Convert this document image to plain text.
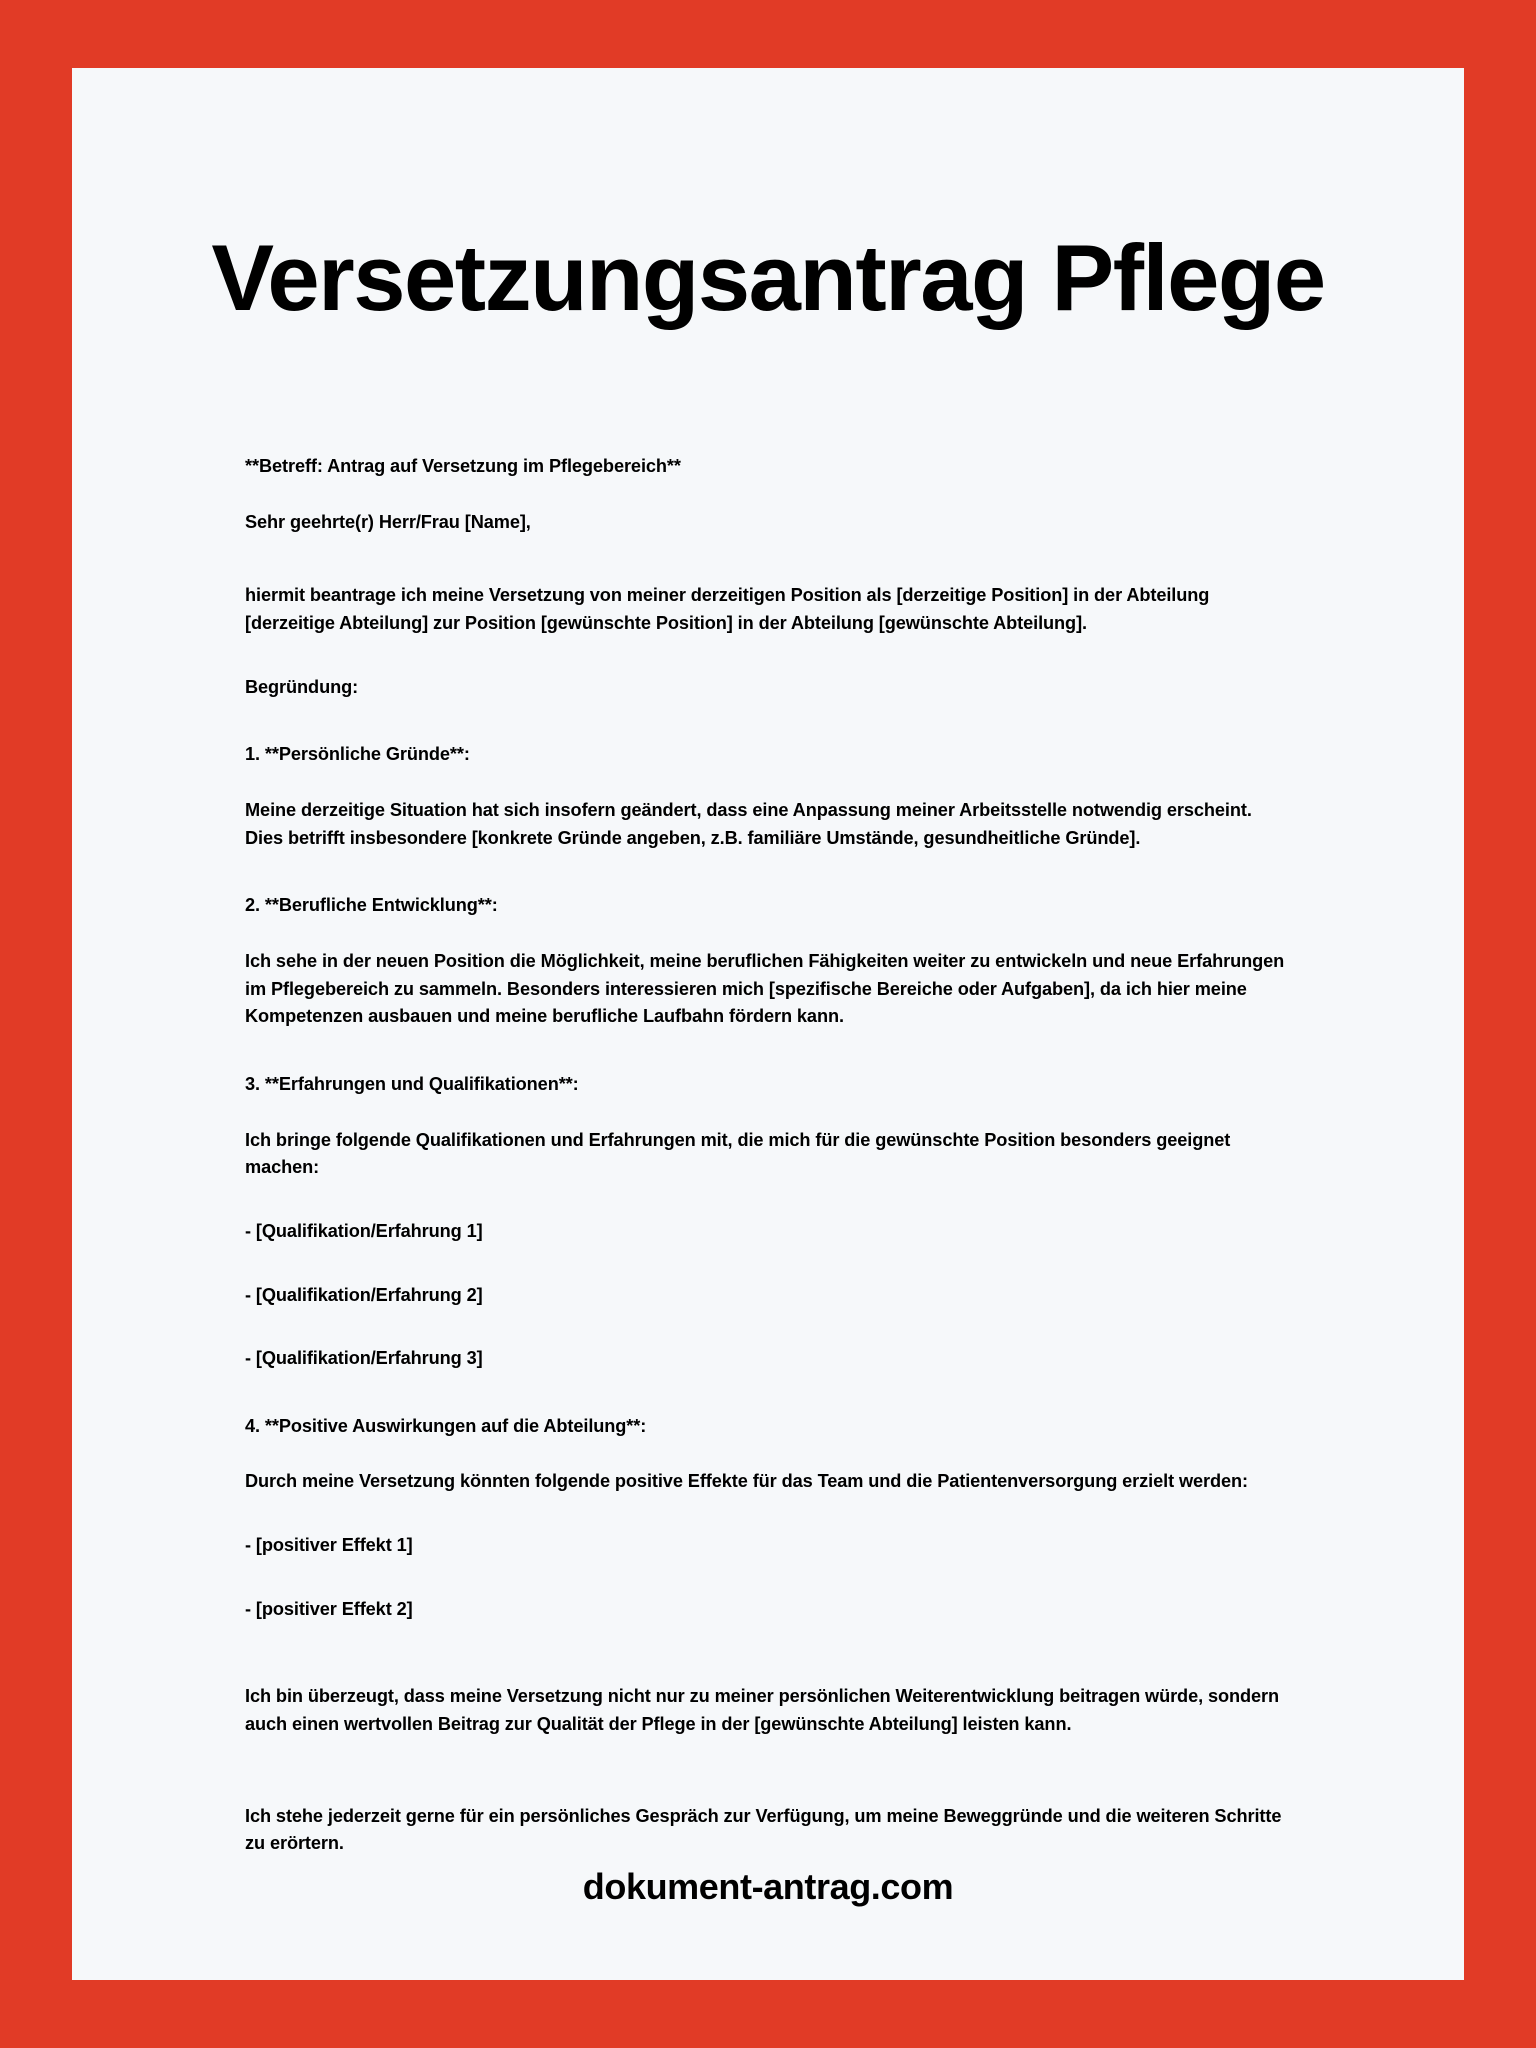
Versetzungsantrag Pflege
**Betreff: Antrag auf Versetzung im Pflegebereich**
Sehr geehrte(r) Herr/Frau [Name],
hiermit beantrage ich meine Versetzung von meiner derzeitigen Position als [derzeitige Position] in der Abteilung [derzeitige Abteilung] zur Position [gewünschte Position] in der Abteilung [gewünschte Abteilung].
Begründung:
1. **Persönliche Gründe**:
Meine derzeitige Situation hat sich insofern geändert, dass eine Anpassung meiner Arbeitsstelle notwendig erscheint. Dies betrifft insbesondere [konkrete Gründe angeben, z.B. familiäre Umstände, gesundheitliche Gründe].
2. **Berufliche Entwicklung**:
Ich sehe in der neuen Position die Möglichkeit, meine beruflichen Fähigkeiten weiter zu entwickeln und neue Erfahrungen im Pflegebereich zu sammeln. Besonders interessieren mich [spezifische Bereiche oder Aufgaben], da ich hier meine Kompetenzen ausbauen und meine berufliche Laufbahn fördern kann.
3. **Erfahrungen und Qualifikationen**:
Ich bringe folgende Qualifikationen und Erfahrungen mit, die mich für die gewünschte Position besonders geeignet machen:
- [Qualifikation/Erfahrung 1]
- [Qualifikation/Erfahrung 2]
- [Qualifikation/Erfahrung 3]
4. **Positive Auswirkungen auf die Abteilung**:
Durch meine Versetzung könnten folgende positive Effekte für das Team und die Patientenversorgung erzielt werden:
- [positiver Effekt 1]
- [positiver Effekt 2]
Ich bin überzeugt, dass meine Versetzung nicht nur zu meiner persönlichen Weiterentwicklung beitragen würde, sondern auch einen wertvollen Beitrag zur Qualität der Pflege in der [gewünschte Abteilung] leisten kann.
Ich stehe jederzeit gerne für ein persönliches Gespräch zur Verfügung, um meine Beweggründe und die weiteren Schritte zu erörtern.
dokument-antrag.com
